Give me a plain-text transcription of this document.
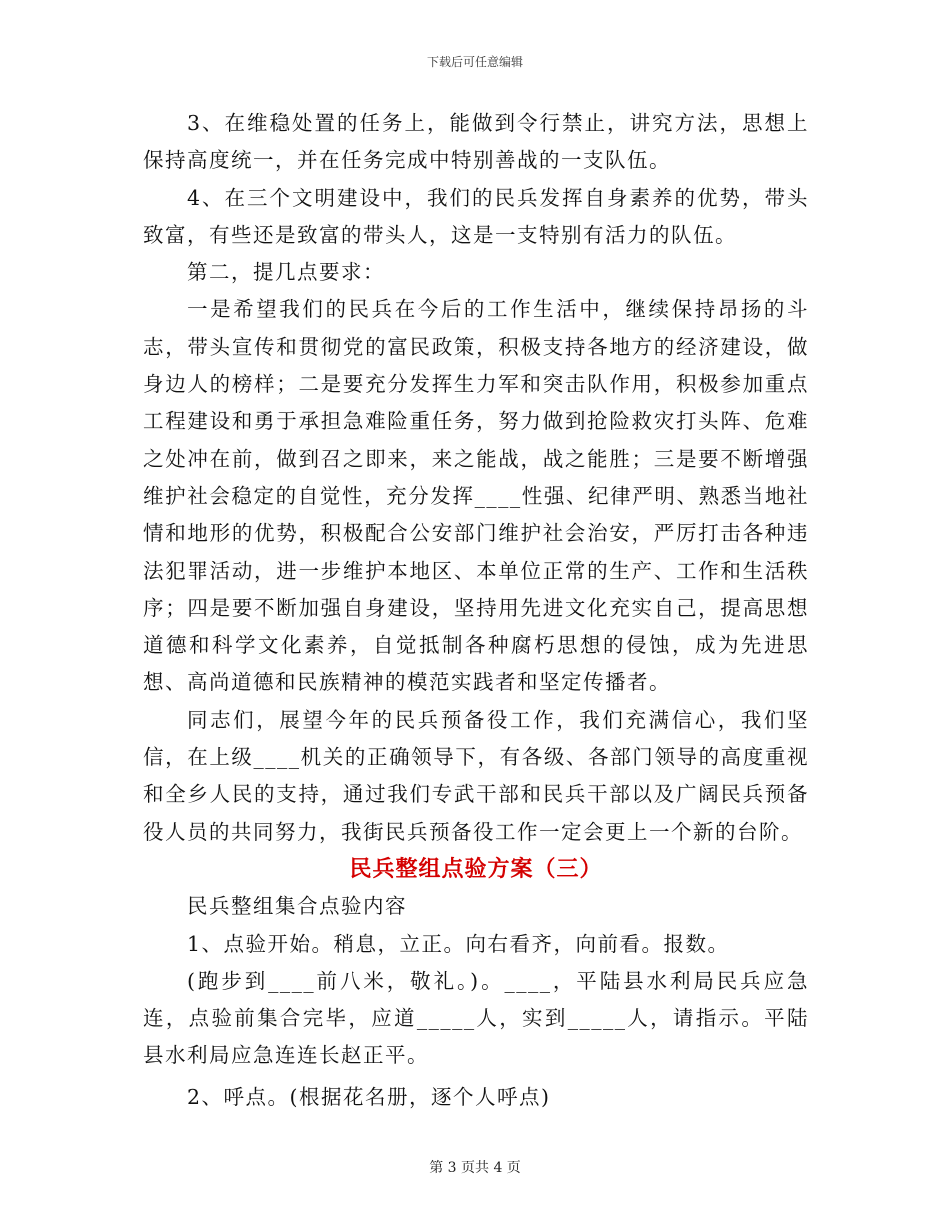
下载后可任意编辑

3、在维稳处置的任务上，能做到令行禁止，讲究方法，思想上保持高度统一，并在任务完成中特别善战的一支队伍。

4、在三个文明建设中，我们的民兵发挥自身素养的优势，带头致富，有些还是致富的带头人，这是一支特别有活力的队伍。

第二，提几点要求：

一是希望我们的民兵在今后的工作生活中，继续保持昂扬的斗志，带头宣传和贯彻党的富民政策，积极支持各地方的经济建设，做身边人的榜样；二是要充分发挥生力军和突击队作用，积极参加重点工程建设和勇于承担急难险重任务，努力做到抢险救灾打头阵、危难之处冲在前，做到召之即来，来之能战，战之能胜；三是要不断增强维护社会稳定的自觉性，充分发挥____性强、纪律严明、熟悉当地社情和地形的优势，积极配合公安部门维护社会治安，严厉打击各种违法犯罪活动，进一步维护本地区、本单位正常的生产、工作和生活秩序；四是要不断加强自身建设，坚持用先进文化充实自己，提高思想道德和科学文化素养，自觉抵制各种腐朽思想的侵蚀，成为先进思想、高尚道德和民族精神的模范实践者和坚定传播者。

同志们，展望今年的民兵预备役工作，我们充满信心，我们坚信，在上级____机关的正确领导下，有各级、各部门领导的高度重视和全乡人民的支持，通过我们专武干部和民兵干部以及广阔民兵预备役人员的共同努力，我街民兵预备役工作一定会更上一个新的台阶。

民兵整组点验方案（三）

民兵整组集合点验内容

1、点验开始。稍息，立正。向右看齐，向前看。报数。

(跑步到____前八米，敬礼。)。____，平陆县水利局民兵应急连，点验前集合完毕，应道_____人，实到_____人，请指示。平陆县水利局应急连连长赵正平。

2、呼点。(根据花名册，逐个人呼点)

第 3 页共 4 页
